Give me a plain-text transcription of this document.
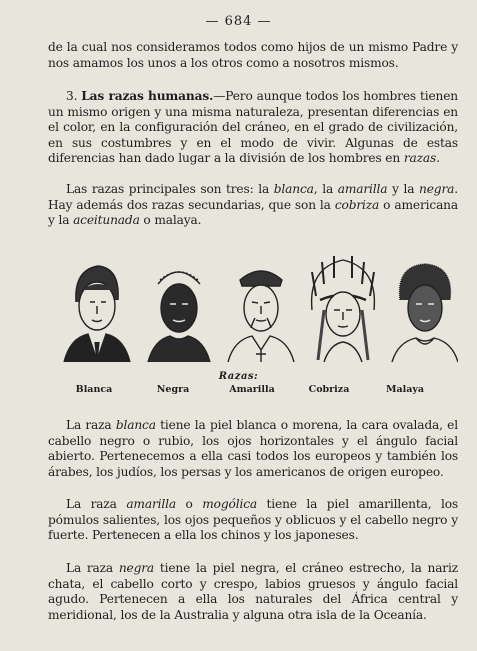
— 684 —

de la cual nos consideramos todos como hijos de un mismo Padre y nos amamos los unos a los otros como a nosotros mismos.

3. Las razas humanas.—Pero aunque todos los hombres tienen un mismo origen y una misma naturaleza, presentan diferencias en el color, en la configuración del cráneo, en el grado de civilización, en sus costumbres y en el modo de vivir. Algunas de estas diferencias han dado lugar a la división de los hombres en razas.

Las razas principales son tres: la blanca, la amarilla y la negra. Hay además dos razas secundarias, que son la cobriza o americana y la aceitunada o malaya.

Razas:
Blanca	Negra	Amarilla	Cobriza	Malaya

La raza blanca tiene la piel blanca o morena, la cara ovalada, el cabello negro o rubio, los ojos horizontales y el ángulo facial abierto. Pertenecemos a ella casi todos los europeos y también los árabes, los judíos, los persas y los americanos de origen europeo.

La raza amarilla o mogólica tiene la piel amarillenta, los pómulos salientes, los ojos pequeños y oblicuos y el cabello negro y fuerte. Pertenecen a ella los chinos y los japoneses.

La raza negra tiene la piel negra, el cráneo estrecho, la nariz chata, el cabello corto y crespo, labios gruesos y ángulo facial agudo. Pertenecen a ella los naturales del África central y meridional, los de la Australia y alguna otra isla de la Oceanía.
